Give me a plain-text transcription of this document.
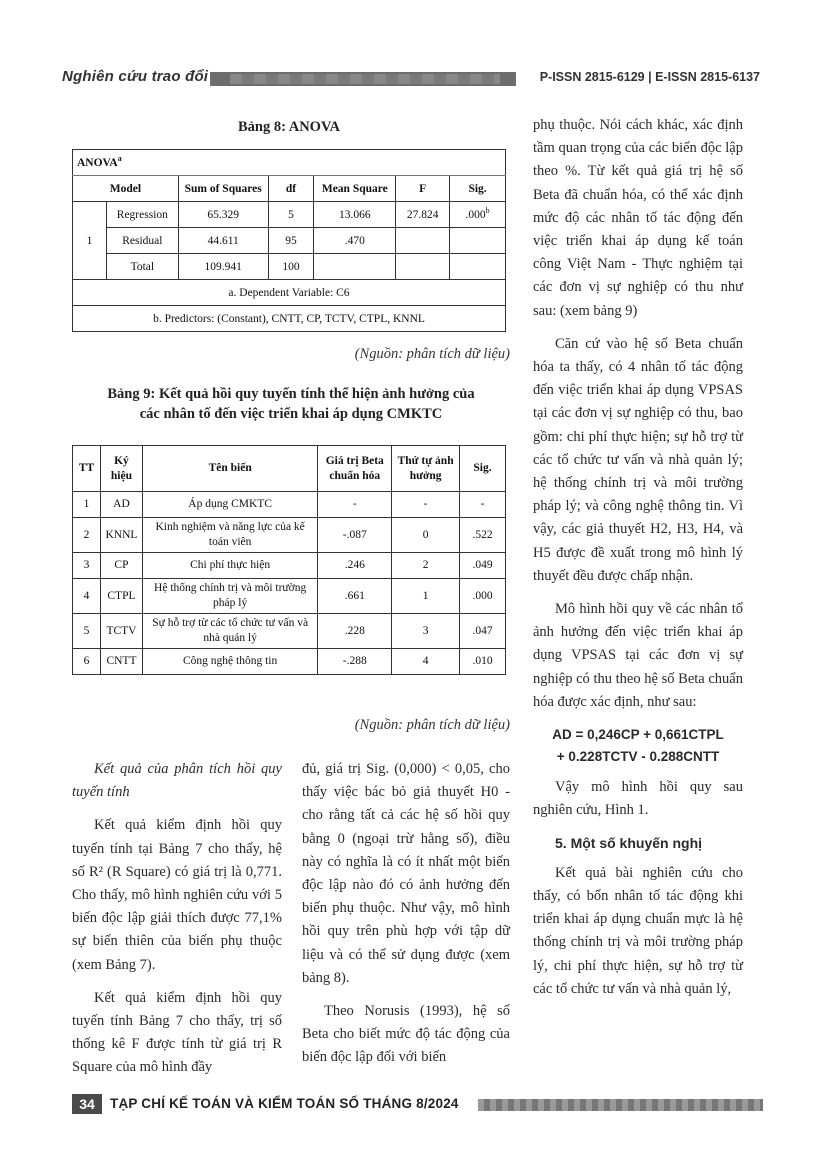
Nghiên cứu trao đổi	P-ISSN 2815-6129 | E-ISSN 2815-6137
Bảng 8: ANOVA
ANOVA$^a$
Model		Sum of Squares	df	Mean Square	F	Sig.
1	Regression	65.329	5	13.066	27.824	.000$^b$
	Residual	44.611	95	.470		
	Total	109.941	100			
a. Dependent Variable: C6						
b. Predictors: (Constant), CNTT, CP, TCTV, CTPL, KNNL						
(Nguồn: phân tích dữ liệu)
Bảng 9: Kết quả hồi quy tuyến tính thể hiện ảnh hưởng của
các nhân tố đến việc triển khai áp dụng CMKTC
TT	Ký hiệu	Tên biến	Giá trị Beta chuẩn hóa	Thứ tự ảnh hưởng	Sig.
1	AD	Áp dụng CMKTC	-	-	-
2	KNNL	Kinh nghiệm và năng lực của kế toán viên	-.087	0	.522
3	CP	Chi phí thực hiện	.246	2	.049
4	CTPL	Hệ thống chính trị và môi trường pháp lý	.661	1	.000
5	TCTV	Sự hỗ trợ từ các tổ chức tư vấn và nhà quản lý	.228	3	.047
6	CNTT	Công nghệ thông tin	-.288	4	.010
(Nguồn: phân tích dữ liệu)

Kết quả của phân tích hồi quy tuyến tính

Kết quả kiểm định hồi quy tuyến tính tại Bảng 7 cho thấy, hệ số R² (R Square) có giá trị là 0,771. Cho thấy, mô hình nghiên cứu với 5 biến độc lập giải thích được 77,1% sự biến thiên của biến phụ thuộc (xem Bảng 7).

Kết quả kiểm định hồi quy tuyến tính Bảng 7 cho thấy, trị số thống kê F được tính từ giá trị R Square của mô hình đầy

đủ, giá trị Sig. (0,000) < 0,05, cho thấy việc bác bỏ giả thuyết H0 - cho rằng tất cả các hệ số hồi quy bằng 0 (ngoại trừ hằng số), điều này có nghĩa là có ít nhất một biến độc lập nào đó có ảnh hưởng đến biến phụ thuộc. Như vậy, mô hình hồi quy trên phù hợp với tập dữ liệu và có thể sử dụng được (xem bảng 8).

Theo Norusis (1993), hệ số Beta cho biết mức độ tác động của biến độc lập đối với biến

phụ thuộc. Nói cách khác, xác định tầm quan trọng của các biến độc lập theo %. Từ kết quả giá trị hệ số Beta đã chuẩn hóa, có thể xác định mức độ các nhân tố tác động đến việc triển khai áp dụng kế toán công Việt Nam - Thực nghiệm tại các đơn vị sự nghiệp có thu như sau: (xem bảng 9)

Căn cứ vào hệ số Beta chuẩn hóa ta thấy, có 4 nhân tố tác động đến việc triển khai áp dụng VPSAS tại các đơn vị sự nghiệp có thu, bao gồm: chi phí thực hiện; sự hỗ trợ từ các tổ chức tư vấn và nhà quản lý; hệ thống chính trị và môi trường pháp lý; và công nghệ thông tin. Vì vậy, các giả thuyết H2, H3, H4, và H5 được đề xuất trong mô hình lý thuyết đều được chấp nhận.

Mô hình hồi quy về các nhân tố ảnh hưởng đến việc triển khai áp dụng VPSAS tại các đơn vị sự nghiệp có thu theo hệ số Beta chuẩn hóa được xác định, như sau:

AD = 0,246CP + 0,661CTPL
+ 0.228TCTV - 0.288CNTT

Vậy mô hình hồi quy sau nghiên cứu, Hình 1.

5. Một số khuyến nghị

Kết quả bài nghiên cứu cho thấy, có bốn nhân tố tác động khi triển khai áp dụng chuẩn mực là hệ thống chính trị và môi trường pháp lý, chi phí thực hiện, sự hỗ trợ từ các tổ chức tư vấn và nhà quản lý,

34	TẠP CHÍ KẾ TOÁN VÀ KIỂM TOÁN SỐ THÁNG 8/2024
